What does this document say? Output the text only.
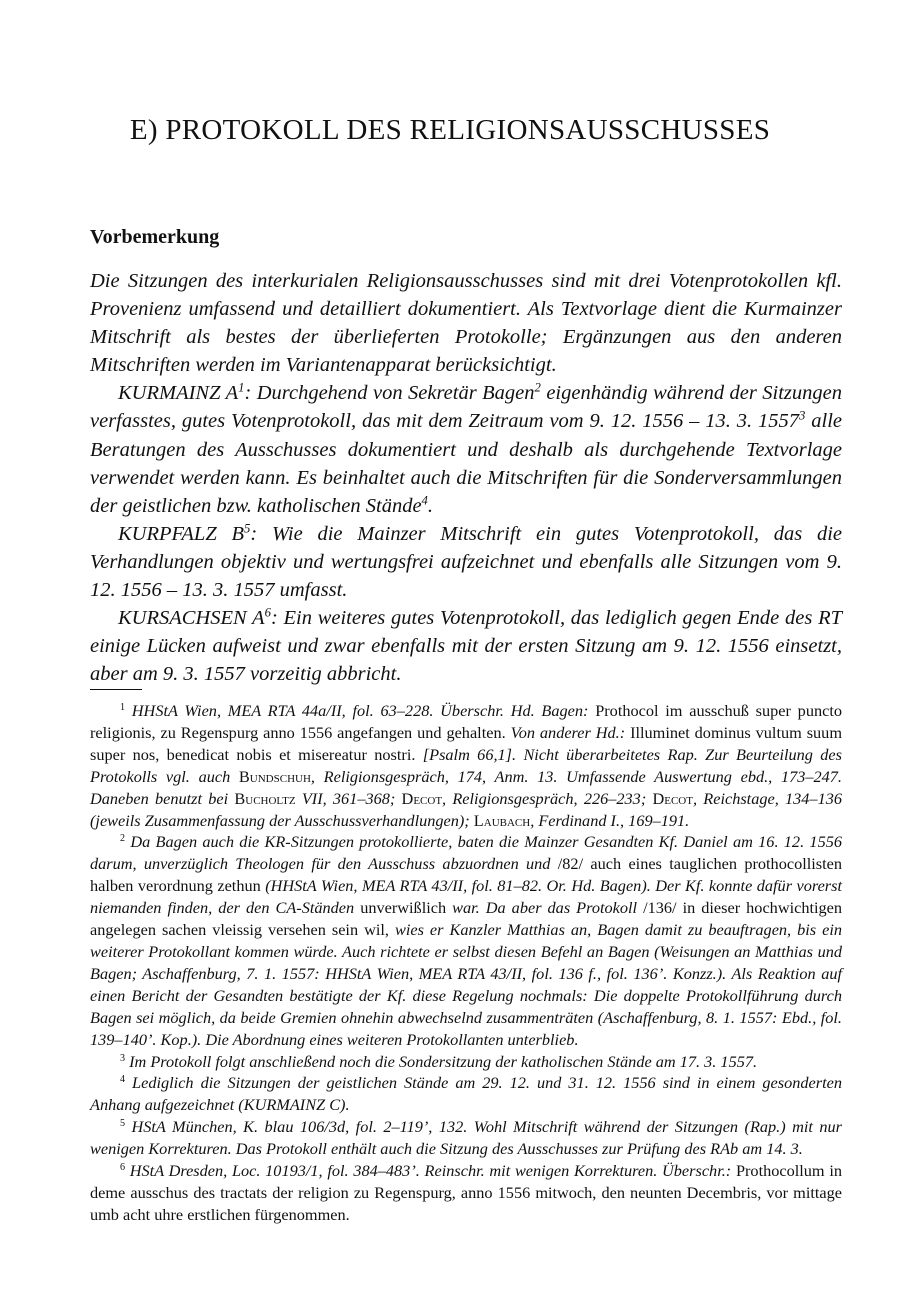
E) PROTOKOLL DES RELIGIONSAUSSCHUSSES
Vorbemerkung

Die Sitzungen des interkurialen Religionsausschusses sind mit drei Votenprotokollen kfl. Provenienz umfassend und detailliert dokumentiert. Als Textvorlage dient die Kurmainzer Mitschrift als bestes der überlieferten Protokolle; Ergänzungen aus den anderen Mitschriften werden im Variantenapparat berücksichtigt.

KURMAINZ $A^1$: Durchgehend von Sekretär Bagen$^2$ eigenhändig während der Sitzungen verfasstes, gutes Votenprotokoll, das mit dem Zeitraum vom 9. 12. 1556 – 13. 3. 1557$^3$ alle Beratungen des Ausschusses dokumentiert und deshalb als durchgehende Textvorlage verwendet werden kann. Es beinhaltet auch die Mitschriften für die Sonderversammlungen der geistlichen bzw. katholischen Stände$^4$.

KURPFALZ $B^5$: Wie die Mainzer Mitschrift ein gutes Votenprotokoll, das die Verhandlungen objektiv und wertungsfrei aufzeichnet und ebenfalls alle Sitzungen vom 9. 12. 1556 – 13. 3. 1557 umfasst.

KURSACHSEN $A^6$: Ein weiteres gutes Votenprotokoll, das lediglich gegen Ende des RT einige Lücken aufweist und zwar ebenfalls mit der ersten Sitzung am 9. 12. 1556 einsetzt, aber am 9. 3. 1557 vorzeitig abbricht.

$^1$ HHStA Wien, MEA RTA 44a/II, fol. 63–228. Überschr. Hd. Bagen: Prothocol im ausschuß super puncto religionis, zu Regenspurg anno 1556 angefangen und gehalten. Von anderer Hd.: Illuminet dominus vultum suum super nos, benedicat nobis et misereatur nostri. [Psalm 66,1]. Nicht überarbeitetes Rap. Zur Beurteilung des Protokolls vgl. auch Bundschuh, Religionsgespräch, 174, Anm. 13. Umfassende Auswertung ebd., 173–247. Daneben benutzt bei Bucholtz VII, 361–368; Decot, Religionsgespräch, 226–233; Decot, Reichstage, 134–136 (jeweils Zusammenfassung der Ausschussverhandlungen); Laubach, Ferdinand I., 169–191.

$^2$ Da Bagen auch die KR-Sitzungen protokollierte, baten die Mainzer Gesandten Kf. Daniel am 16. 12. 1556 darum, unverzüglich Theologen für den Ausschuss abzuordnen und /82/ auch eines tauglichen prothocollisten halben verordnung zethun (HHStA Wien, MEA RTA 43/II, fol. 81–82. Or. Hd. Bagen). Der Kf. konnte dafür vorerst niemanden finden, der den CA-Ständen unverwißlich war. Da aber das Protokoll /136/ in dieser hochwichtigen angelegen sachen vleissig versehen sein wil, wies er Kanzler Matthias an, Bagen damit zu beauftragen, bis ein weiterer Protokollant kommen würde. Auch richtete er selbst diesen Befehl an Bagen (Weisungen an Matthias und Bagen; Aschaffenburg, 7. 1. 1557: HHStA Wien, MEA RTA 43/II, fol. 136 f., fol. 136’. Konzz.). Als Reaktion auf einen Bericht der Gesandten bestätigte der Kf. diese Regelung nochmals: Die doppelte Protokollführung durch Bagen sei möglich, da beide Gremien ohnehin abwechselnd zusammenträten (Aschaffenburg, 8. 1. 1557: Ebd., fol. 139–140’. Kop.). Die Abordnung eines weiteren Protokollanten unterblieb.

$^3$ Im Protokoll folgt anschließend noch die Sondersitzung der katholischen Stände am 17. 3. 1557.

$^4$ Lediglich die Sitzungen der geistlichen Stände am 29. 12. und 31. 12. 1556 sind in einem gesonderten Anhang aufgezeichnet (KURMAINZ C).

$^5$ HStA München, K. blau 106/3d, fol. 2–119’, 132. Wohl Mitschrift während der Sitzungen (Rap.) mit nur wenigen Korrekturen. Das Protokoll enthält auch die Sitzung des Ausschusses zur Prüfung des RAb am 14. 3.

$^6$ HStA Dresden, Loc. 10193/1, fol. 384–483’. Reinschr. mit wenigen Korrekturen. Überschr.: Prothocollum in deme ausschus des tractats der religion zu Regenspurg, anno 1556 mitwoch, den neunten Decembris, vor mittage umb acht uhre erstlichen fürgenommen.
